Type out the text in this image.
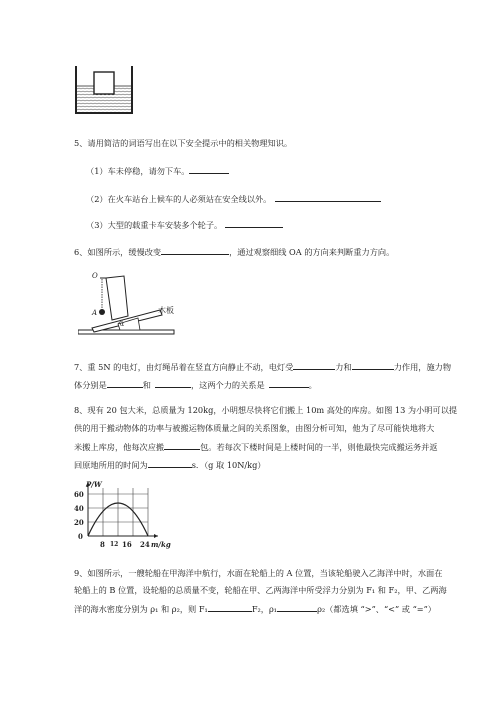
5、请用简洁的词语写出在以下安全提示中的相关物理知识。
（1）车未停稳，请勿下车。
（2）在火车站台上候车的人必须站在安全线以外。
（3）大型的载重卡车安装多个轮子。
6、如图所示，缓慢改变	，通过观察细线 OA 的方向来判断重力方向。
O
A
α
木板
7、重 5N 的电灯，由灯绳吊着在竖直方向静止不动，电灯受	力和	力作用，施力物
体分别是	和	，这两个力的关系是	。
8、现有 20 包大米，总质量为 120kg，小明想尽快将它们搬上 10m 高处的库房。如图 13 为小明可以提
供的用于搬动物体的功率与被搬运物体质量之间的关系图象，由图分析可知，他为了尽可能快地将大
米搬上库房，他每次应搬	包。若每次下楼时间是上楼时间的一半，则他最快完成搬运务并返
回原地所用的时间为	s．（g 取 10N/kg）
P/W
60
40
20
0
8 12 16 24 m/kg
9、如图所示，一艘轮船在甲海洋中航行，水面在轮船上的 A 位置，当该轮船驶入乙海洋中时，水面在
轮船上的 B 位置，设轮船的总质量不变，轮船在甲、乙两海洋中所受浮力分别为 F₁ 和 F₂，甲、乙两海
洋的海水密度分别为 ρ₁ 和 ρ₂，则 F₁	F₂，ρ₁	ρ₂（都选填 “>”、“<” 或 “=”）
